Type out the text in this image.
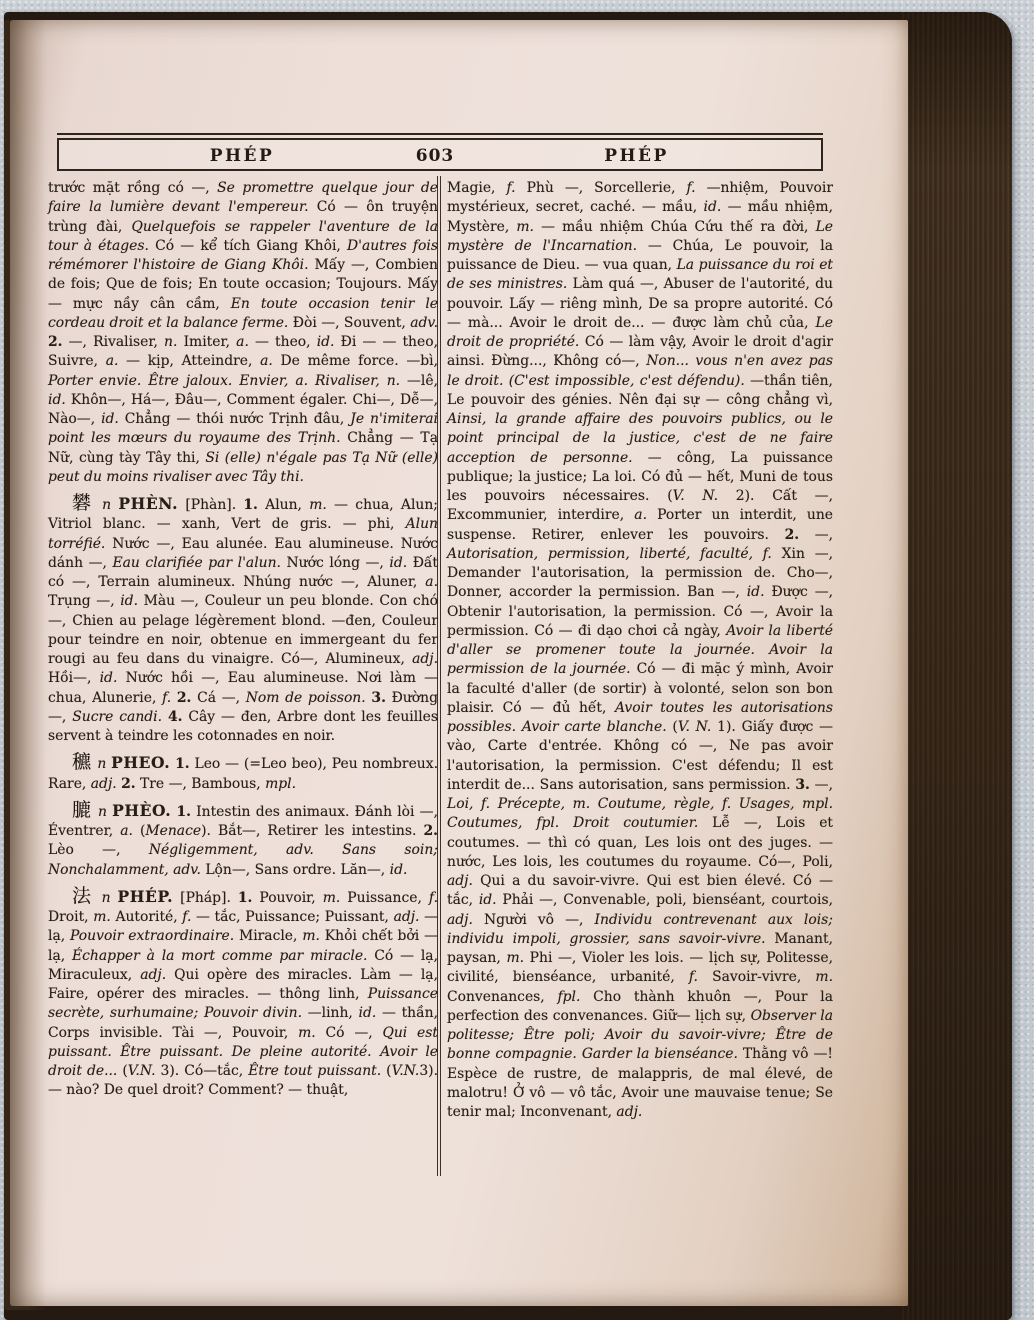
PHÉP	603	PHÉP

trước mặt rồng có —, Se promettre quelque jour de faire la lumière devant l'empereur. Có — ôn truyện trùng đài, Quelquefois se rappeler l'aventure de la tour à étages. Có — kể tích Giang Khôi, D'autres fois rémémorer l'histoire de Giang Khôi. Mấy —, Combien de fois; Que de fois; En toute occasion; Toujours. Mấy — mực nầy cân cầm, En toute occasion tenir le cordeau droit et la balance ferme. Đòi —, Souvent, adv. 2. —, Rivaliser, n. Imiter, a. — theo, id. Đi — — theo, Suivre, a. — kịp, Atteindre, a. De même force. —bì, Porter envie. Être jaloux. Envier, a. Rivaliser, n. —lê, id. Khôn—, Há—, Đâu—, Comment égaler. Chi—, Dễ—, Nào—, id. Chẳng — thói nước Trịnh đâu, Je n'imiterai point les mœurs du royaume des Trịnh. Chẳng — Tạ Nữ, cùng tày Tây thi, Si (elle) n'égale pas Tạ Nữ (elle) peut du moins rivaliser avec Tây thi.

礬 n PHÈN. [Phàn]. 1. Alun, m. — chua, Alun; Vitriol blanc. — xanh, Vert de gris. — phi, Alun torréfié. Nước —, Eau alunée. Eau alumineuse. Nước dánh —, Eau clarifiée par l'alun. Nước lóng —, id. Đất có —, Terrain alumineux. Nhúng nước —, Aluner, a. Trụng —, id. Màu —, Couleur un peu blonde. Con chó—, Chien au pelage légèrement blond. —đen, Couleur pour teindre en noir, obtenue en immergeant du fer rougi au feu dans du vinaigre. Có—, Alumineux, adj. Hồi—, id. Nước hồi —, Eau alumineuse. Nơi làm — chua, Alunerie, f. 2. Cá —, Nom de poisson. 3. Đường—, Sucre candi. 4. Cây — đen, Arbre dont les feuilles servent à teindre les cotonnades en noir.

穮 n PHEO. 1. Leo — (=Leo beo), Peu nombreux. Rare, adj. 2. Tre —, Bambous, mpl.

膔 n PHÈO. 1. Intestin des animaux. Đánh lòi —, Éventrer, a. (Menace). Bắt—, Retirer les intestins. 2. Lèo —, Négligemment, adv. Sans soin; Nonchalamment, adv. Lộn—, Sans ordre. Lăn—, id.

法 n PHÉP. [Pháp]. 1. Pouvoir, m. Puissance, f. Droit, m. Autorité, f. — tắc, Puissance; Puissant, adj. — lạ, Pouvoir extraordinaire. Miracle, m. Khỏi chết bởi — lạ, Échapper à la mort comme par miracle. Có — lạ, Miraculeux, adj. Qui opère des miracles. Làm — lạ, Faire, opérer des miracles. — thông linh, Puissance secrète, surhumaine; Pouvoir divin. —linh, id. — thần, Corps invisible. Tài —, Pouvoir, m. Có —, Qui est puissant. Être puissant. De pleine autorité. Avoir le droit de... (V.N. 3). Có—tắc, Être tout puissant. (V.N.3). — nào? De quel droit? Comment? — thuật,

Magie, f. Phù —, Sorcellerie, f. —nhiệm, Pouvoir mystérieux, secret, caché. — mầu, id. — mầu nhiệm, Mystère, m. — mầu nhiệm Chúa Cứu thế ra đời, Le mystère de l'Incarnation. — Chúa, Le pouvoir, la puissance de Dieu. — vua quan, La puissance du roi et de ses ministres. Làm quá —, Abuser de l'autorité, du pouvoir. Lấy — riêng mình, De sa propre autorité. Có — mà... Avoir le droit de... — được làm chủ của, Le droit de propriété. Có — làm vậy, Avoir le droit d'agir ainsi. Đừng..., Không có—, Non... vous n'en avez pas le droit. (C'est impossible, c'est défendu). —thần tiên, Le pouvoir des génies. Nên đại sự — công chẳng vì, Ainsi, la grande affaire des pouvoirs publics, ou le point principal de la justice, c'est de ne faire acception de personne. — công, La puissance publique; la justice; La loi. Có đủ — hết, Muni de tous les pouvoirs nécessaires. (V. N. 2). Cất —, Excommunier, interdire, a. Porter un interdit, une suspense. Retirer, enlever les pouvoirs. 2. —, Autorisation, permission, liberté, faculté, f. Xin —, Demander l'autorisation, la permission de. Cho—, Donner, accorder la permission. Ban —, id. Được —, Obtenir l'autorisation, la permission. Có —, Avoir la permission. Có — đi dạo chơi cả ngày, Avoir la liberté d'aller se promener toute la journée. Avoir la permission de la journée. Có — đi mặc ý mình, Avoir la faculté d'aller (de sortir) à volonté, selon son bon plaisir. Có — đủ hết, Avoir toutes les autorisations possibles. Avoir carte blanche. (V. N. 1). Giấy được — vào, Carte d'entrée. Không có —, Ne pas avoir l'autorisation, la permission. C'est défendu; Il est interdit de... Sans autorisation, sans permission. 3. —, Loi, f. Précepte, m. Coutume, règle, f. Usages, mpl. Coutumes, fpl. Droit coutumier. Lễ —, Lois et coutumes. — thì có quan, Les lois ont des juges. — nước, Les lois, les coutumes du royaume. Có—, Poli, adj. Qui a du savoir-vivre. Qui est bien élevé. Có — tắc, id. Phải —, Convenable, poli, bienséant, courtois, adj. Người vô —, Individu contrevenant aux lois; individu impoli, grossier, sans savoir-vivre. Manant, paysan, m. Phi —, Violer les lois. — lịch sự, Politesse, civilité, bienséance, urbanité, f. Savoir-vivre, m. Convenances, fpl. Cho thành khuôn —, Pour la perfection des convenances. Giữ— lịch sự, Observer la politesse; Être poli; Avoir du savoir-vivre; Être de bonne compagnie. Garder la bienséance. Thằng vô —! Espèce de rustre, de malappris, de mal élevé, de malotru! Ở vô — vô tắc, Avoir une mauvaise tenue; Se tenir mal; Inconvenant, adj.
